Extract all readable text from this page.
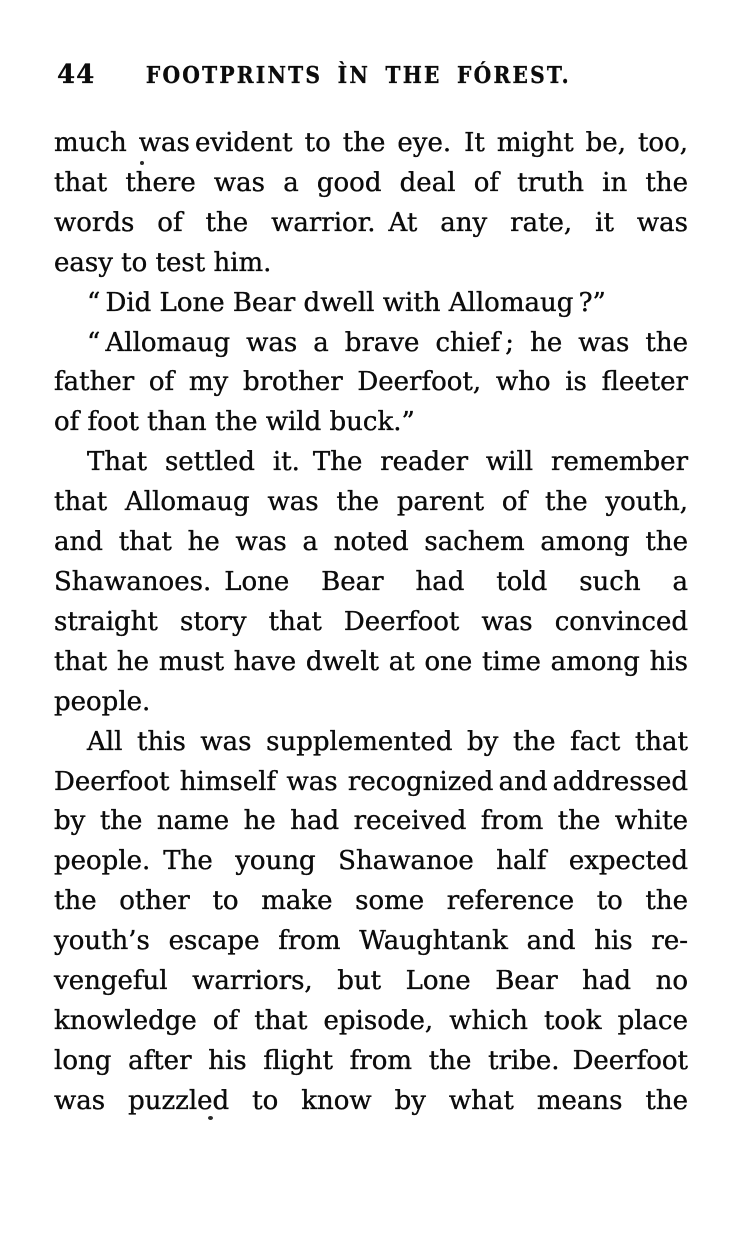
44 FOOTPRINTS ÌN THE FÓREST.
much was evident to the eye. It might be, too,
that there was a good deal of truth in the
words of the warrior. At any rate, it was
easy to test him.
“ Did Lone Bear dwell with Allomaug ?”
“ Allomaug was a brave chief ; he was the
father of my brother Deerfoot, who is fleeter
of foot than the wild buck.”
That settled it. The reader will remember
that Allomaug was the parent of the youth,
and that he was a noted sachem among the
Shawanoes. Lone Bear had told such a
straight story that Deerfoot was convinced
that he must have dwelt at one time among his
people.
All this was supplemented by the fact that
Deerfoot himself was recognized and addressed
by the name he had received from the white
people. The young Shawanoe half expected
the other to make some reference to the
youth’s escape from Waughtank and his re-
vengeful warriors, but Lone Bear had no
knowledge of that episode, which took place
long after his flight from the tribe. Deerfoot
was puzzled to know by what means the
